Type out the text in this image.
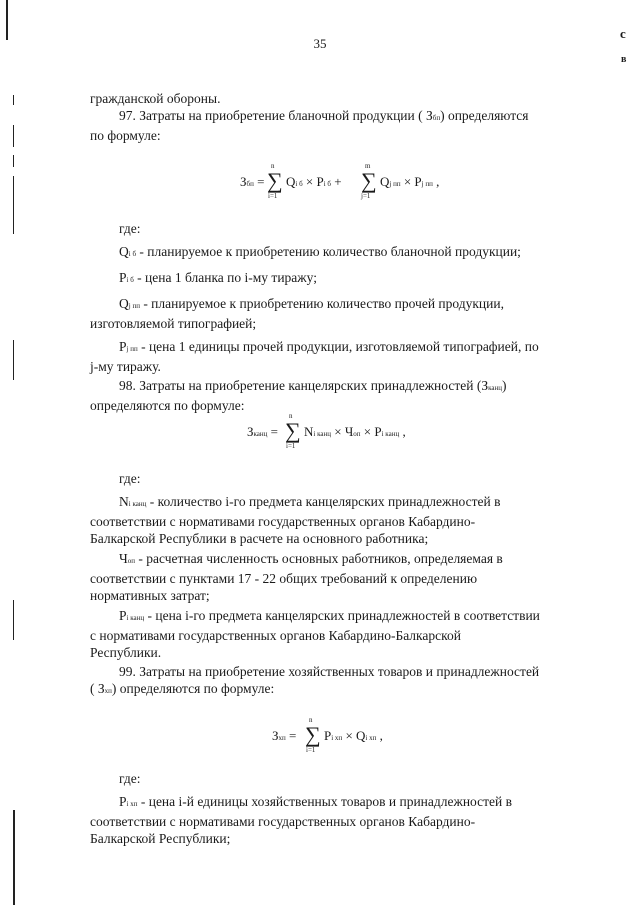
35
с
в

гражданской обороны.

97. Затраты на приобретение бланочной продукции ( Збп) определяются

по формуле:

Збп =
n
∑
i=1
Qi б × Pi б +
m
∑
j=1
Qj пп × Pj пп ,

где:

Qi б - планируемое к приобретению количество бланочной продукции;

Pi б - цена 1 бланка по i-му тиражу;

Qj пп - планируемое к приобретению количество прочей продукции,

изготовляемой типографией;

Pj пп - цена 1 единицы прочей продукции, изготовляемой типографией, по

j-му тиражу.

98. Затраты на приобретение канцелярских принадлежностей (Зканц)

определяются по формуле:

Зканц =
n
∑
i=1
Ni канц × Чоп × Pi канц ,

где:

Ni канц - количество i-го предмета канцелярских принадлежностей в

соответствии с нормативами государственных органов Кабардино-

Балкарской Республики в расчете на основного работника;

Чоп - расчетная численность основных работников, определяемая в

соответствии с пунктами 17 - 22 общих требований к определению

нормативных затрат;

Pi канц - цена i-го предмета канцелярских принадлежностей в соответствии

с нормативами государственных органов Кабардино-Балкарской

Республики.

99. Затраты на приобретение хозяйственных товаров и принадлежностей

( Зхп) определяются по формуле:

Зхп =
n
∑
i=1
Pi хп × Qi хп ,

где:

Pi хп - цена i-й единицы хозяйственных товаров и принадлежностей в

соответствии с нормативами государственных органов Кабардино-

Балкарской Республики;
